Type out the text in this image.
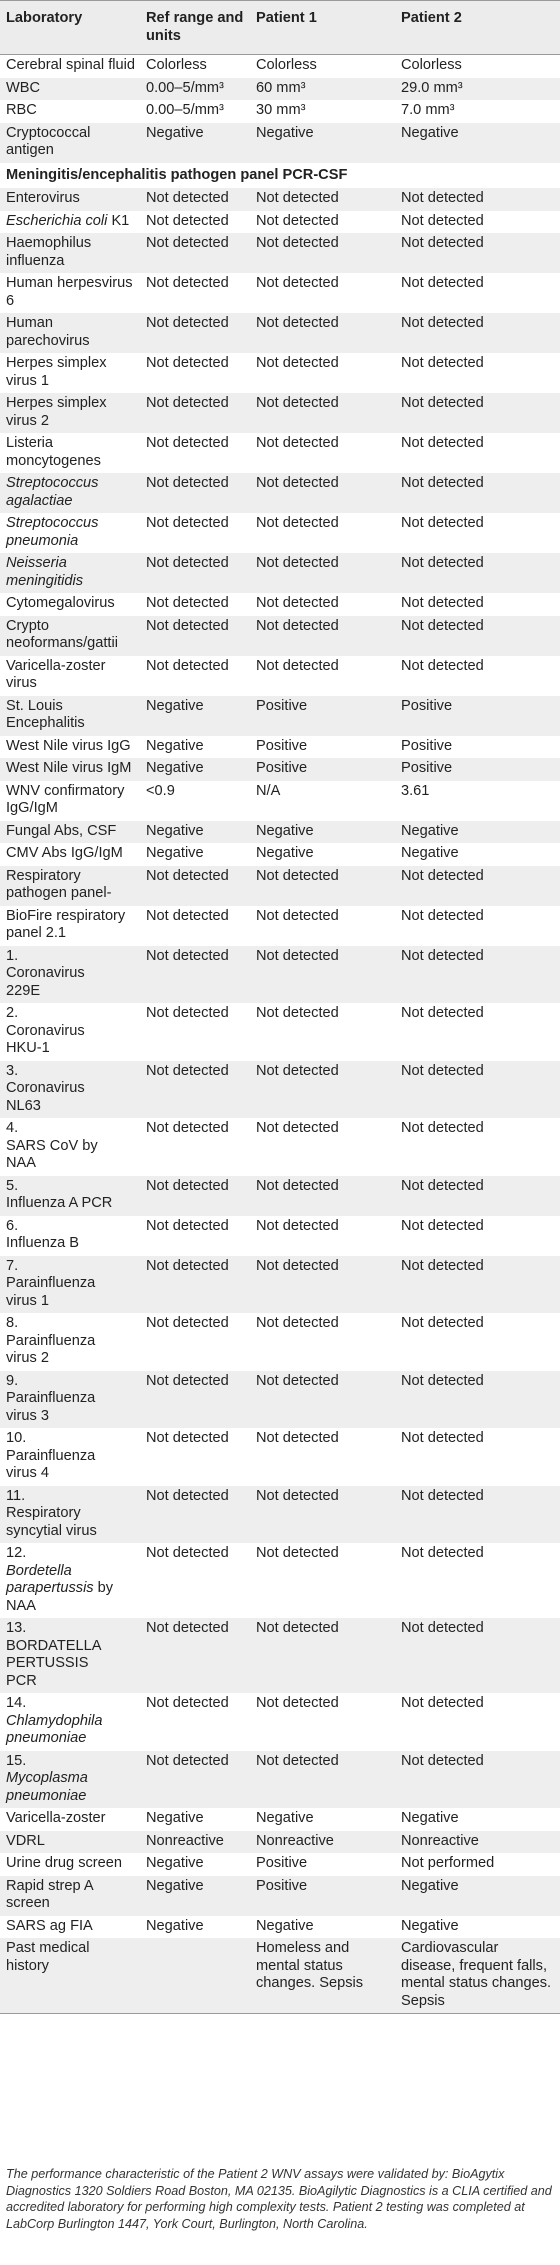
Laboratory	Ref range and units	Patient 1	Patient 2
Cerebral spinal fluid	Colorless	Colorless	Colorless
WBC	0.00–5/mm³	60 mm³	29.0 mm³
RBC	0.00–5/mm³	30 mm³	7.0 mm³
Cryptococcal antigen	Negative	Negative	Negative
Meningitis/encephalitis pathogen panel PCR-CSF			
Enterovirus	Not detected	Not detected	Not detected
Escherichia coli K1	Not detected	Not detected	Not detected
Haemophilus influenza	Not detected	Not detected	Not detected
Human herpesvirus 6	Not detected	Not detected	Not detected
Human parechovirus	Not detected	Not detected	Not detected
Herpes simplex virus 1	Not detected	Not detected	Not detected
Herpes simplex virus 2	Not detected	Not detected	Not detected
Listeria moncytogenes	Not detected	Not detected	Not detected
Streptococcus agalactiae	Not detected	Not detected	Not detected
Streptococcus pneumonia	Not detected	Not detected	Not detected
Neisseria meningitidis	Not detected	Not detected	Not detected
Cytomegalovirus	Not detected	Not detected	Not detected
Crypto neoformans/gattii	Not detected	Not detected	Not detected
Varicella-zoster virus	Not detected	Not detected	Not detected
St. Louis Encephalitis	Negative	Positive	Positive
West Nile virus IgG	Negative	Positive	Positive
West Nile virus IgM	Negative	Positive	Positive
WNV confirmatory IgG/IgM	<0.9	N/A	3.61
Fungal Abs, CSF	Negative	Negative	Negative
CMV Abs IgG/IgM	Negative	Negative	Negative
Respiratory pathogen panel-	Not detected	Not detected	Not detected
BioFire respiratory panel 2.1	Not detected	Not detected	Not detected
1.Coronavirus 229E	Not detected	Not detected	Not detected
2.Coronavirus HKU-1	Not detected	Not detected	Not detected
3.Coronavirus NL63	Not detected	Not detected	Not detected
4.SARS CoV by NAA	Not detected	Not detected	Not detected
5.Influenza A PCR	Not detected	Not detected	Not detected
6.Influenza B	Not detected	Not detected	Not detected
7.Parainfluenza virus 1	Not detected	Not detected	Not detected
8.Parainfluenza virus 2	Not detected	Not detected	Not detected
9.Parainfluenza virus 3	Not detected	Not detected	Not detected
10.Parainfluenza virus 4	Not detected	Not detected	Not detected
11.Respiratory syncytial virus	Not detected	Not detected	Not detected
12.Bordetella parapertussis by NAA	Not detected	Not detected	Not detected
13.BORDATELLA PERTUSSIS PCR	Not detected	Not detected	Not detected
14.Chlamydophila pneumoniae	Not detected	Not detected	Not detected
15.Mycoplasma pneumoniae	Not detected	Not detected	Not detected
Varicella-zoster	Negative	Negative	Negative
VDRL	Nonreactive	Nonreactive	Nonreactive
Urine drug screen	Negative	Positive	Not performed
Rapid strep A screen	Negative	Positive	Negative
SARS ag FIA	Negative	Negative	Negative
Past medical history		Homeless and mental status changes. Sepsis	Cardiovascular disease, frequent falls, mental status changes. Sepsis
The performance characteristic of the Patient 2 WNV assays were validated by: BioAgytix Diagnostics 1320 Soldiers Road Boston, MA 02135. BioAgilytic Diagnostics is a CLIA certified and accredited laboratory for performing high complexity tests. Patient 2 testing was completed at LabCorp Burlington 1447, York Court, Burlington, North Carolina.
